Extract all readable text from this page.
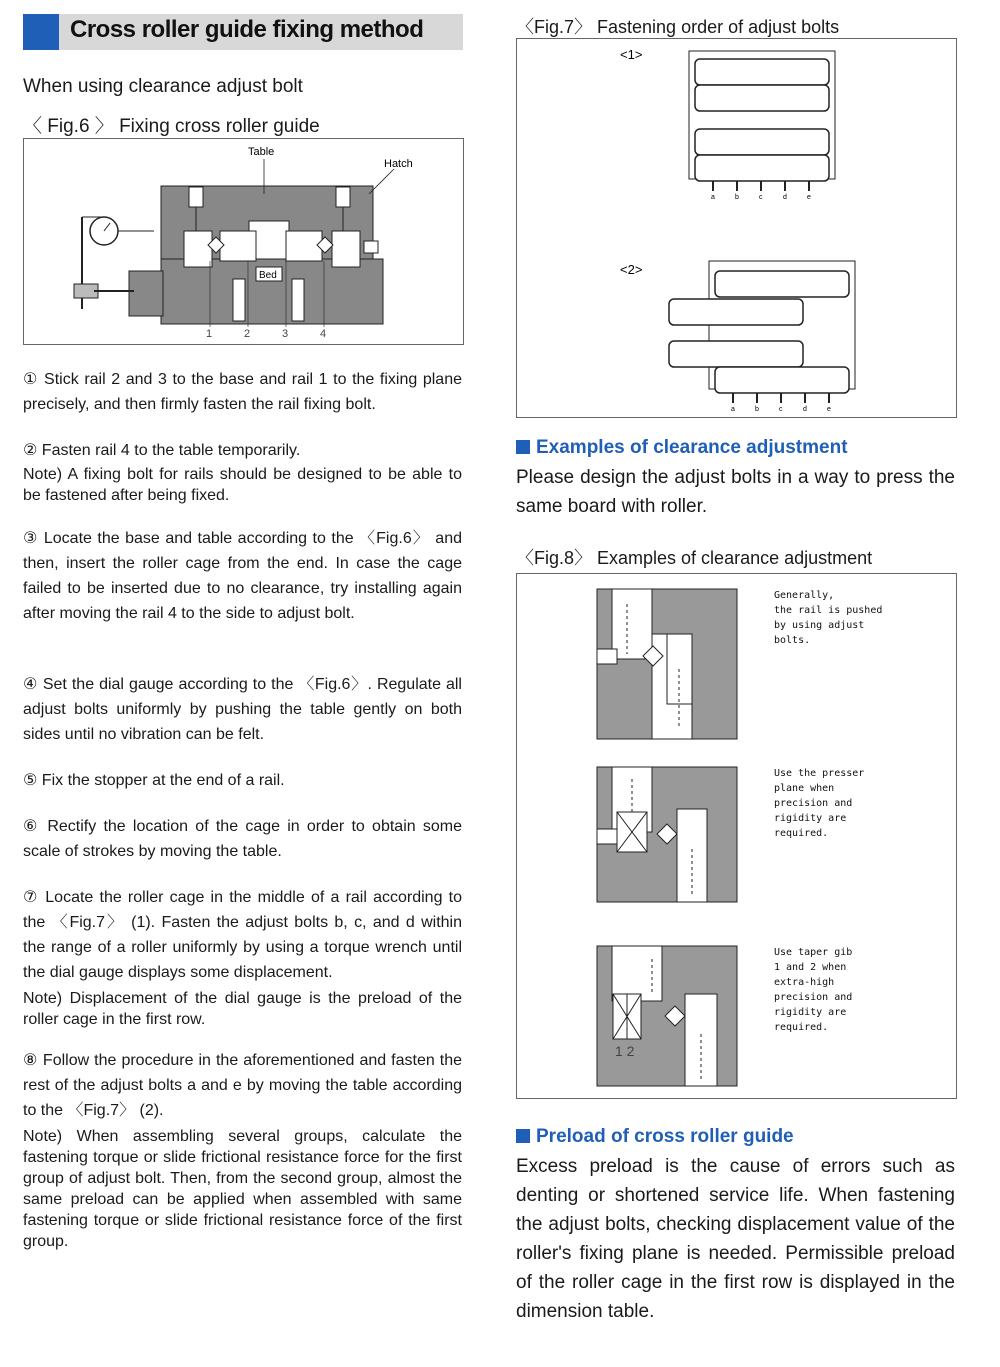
Cross roller guide fixing method
When using clearance adjust bolt
〈 Fig.6 〉 Fixing cross roller guide
Bed
Table
Hatch
1	2	3	4
① Stick rail 2 and 3 to the base and rail 1 to the fixing plane precisely, and then firmly fasten the rail fixing bolt.
② Fasten rail 4 to the table temporarily.
Note) A fixing bolt for rails should be designed to be able to be fastened after being fixed.
③ Locate the base and table according to the 〈Fig.6〉 and then, insert the roller cage from the end. In case the cage failed to be inserted due to no clearance, try installing again after moving the rail 4 to the side to adjust bolt.
④ Set the dial gauge according to the 〈Fig.6〉. Regulate all adjust bolts uniformly by pushing the table gently on both sides until no vibration can be felt.
⑤ Fix the stopper at the end of a rail.
⑥ Rectify the location of the cage in order to obtain some scale of strokes by moving the table.
⑦ Locate the roller cage in the middle of a rail according to the 〈Fig.7〉 (1). Fasten the adjust bolts b, c, and d within the range of a roller uniformly by using a torque wrench until the dial gauge displays some displacement.
Note) Displacement of the dial gauge is the preload of the roller cage in the first row.
⑧ Follow the procedure in the aforementioned and fasten the rest of the adjust bolts a and e by moving the table according to the 〈Fig.7〉 (2).
Note) When assembling several groups, calculate the fastening torque or slide frictional resistance force for the first group of adjust bolt. Then, from the second group, almost the same preload can be applied when assembled with same fastening torque or slide frictional resistance force of the first group.
〈Fig.7〉 Fastening order of adjust bolts
<1>
a	b	c	d	e
<2>
a	b	c	d	e
Examples of clearance adjustment
Please design the adjust bolts in a way to press the same board with roller.
〈Fig.8〉 Examples of clearance adjustment
1 2
Generally,
the rail is pushed
by using adjust
bolts.
Use the presser
plane when
precision and
rigidity are
required.
Use taper gib
1 and 2 when
extra-high
precision and
rigidity are
required.
Preload of cross roller guide
Excess preload is the cause of errors such as denting or shortened service life. When fastening the adjust bolts, checking displacement value of the roller's fixing plane is needed. Permissible preload of the roller cage in the first row is displayed in the dimension table.
